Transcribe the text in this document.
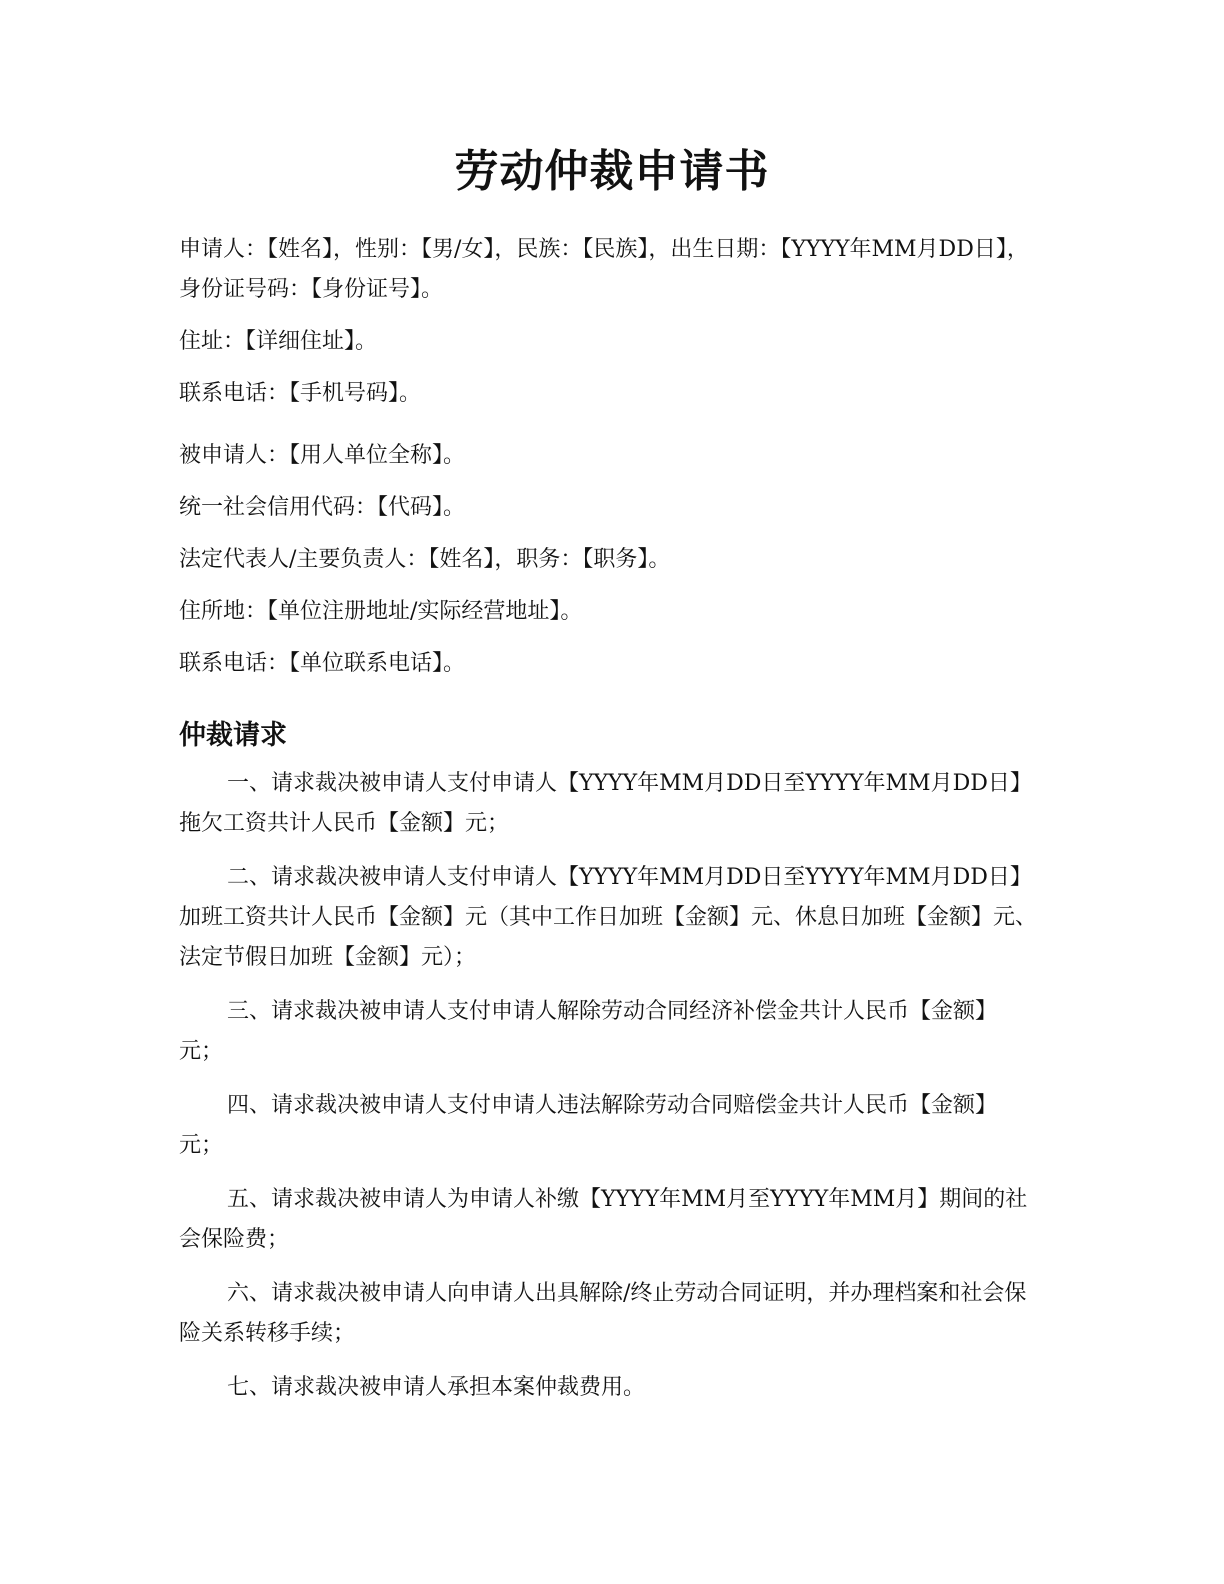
劳动仲裁申请书

申请人：【姓名】，性别：【男/女】，民族：【民族】，出生日期：【YYYY年MM月DD日】，身份证号码：【身份证号】。

住址：【详细住址】。

联系电话：【手机号码】。

被申请人：【用人单位全称】。

统一社会信用代码：【代码】。

法定代表人/主要负责人：【姓名】，职务：【职务】。

住所地：【单位注册地址/实际经营地址】。

联系电话：【单位联系电话】。

仲裁请求

一、请求裁决被申请人支付申请人【YYYY年MM月DD日至YYYY年MM月DD日】拖欠工资共计人民币【金额】元；

二、请求裁决被申请人支付申请人【YYYY年MM月DD日至YYYY年MM月DD日】加班工资共计人民币【金额】元（其中工作日加班【金额】元、休息日加班【金额】元、法定节假日加班【金额】元）；

三、请求裁决被申请人支付申请人解除劳动合同经济补偿金共计人民币【金额】元；

四、请求裁决被申请人支付申请人违法解除劳动合同赔偿金共计人民币【金额】元；

五、请求裁决被申请人为申请人补缴【YYYY年MM月至YYYY年MM月】期间的社会保险费；

六、请求裁决被申请人向申请人出具解除/终止劳动合同证明，并办理档案和社会保险关系转移手续；

七、请求裁决被申请人承担本案仲裁费用。
